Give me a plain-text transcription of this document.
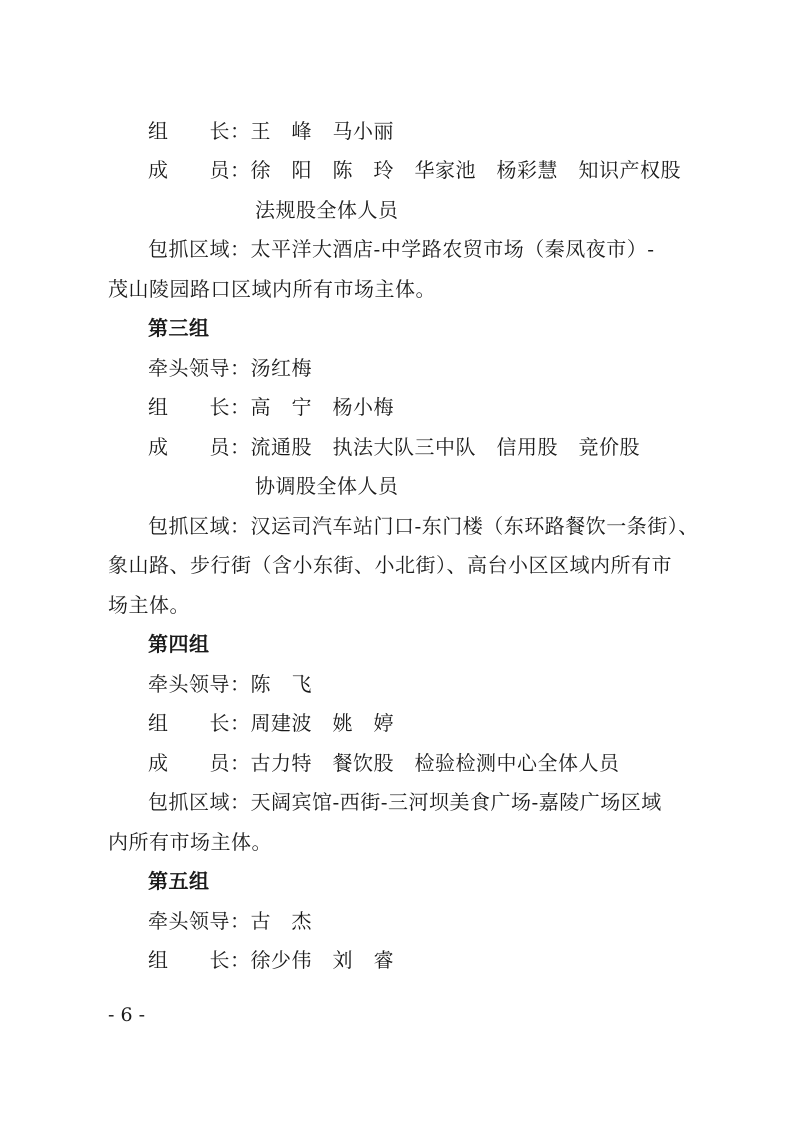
组　　长：王　峰　马小丽
成　　员：徐　阳　陈　玲　华家池　杨彩慧　知识产权股
法规股全体人员
包抓区域：太平洋大酒店-中学路农贸市场（秦凤夜市）-
茂山陵园路口区域内所有市场主体。
第三组
牵头领导：汤红梅
组　　长：高　宁　杨小梅
成　　员：流通股　执法大队三中队　信用股　竞价股
协调股全体人员
包抓区域：汉运司汽车站门口-东门楼（东环路餐饮一条街）、
象山路、步行街（含小东街、小北街）、高台小区区域内所有市
场主体。
第四组
牵头领导：陈　飞
组　　长：周建波　姚　婷
成　　员：古力特　餐饮股　检验检测中心全体人员
包抓区域：天阔宾馆-西街-三河坝美食广场-嘉陵广场区域
内所有市场主体。
第五组
牵头领导：古　杰
组　　长：徐少伟　刘　睿
- 6 -
